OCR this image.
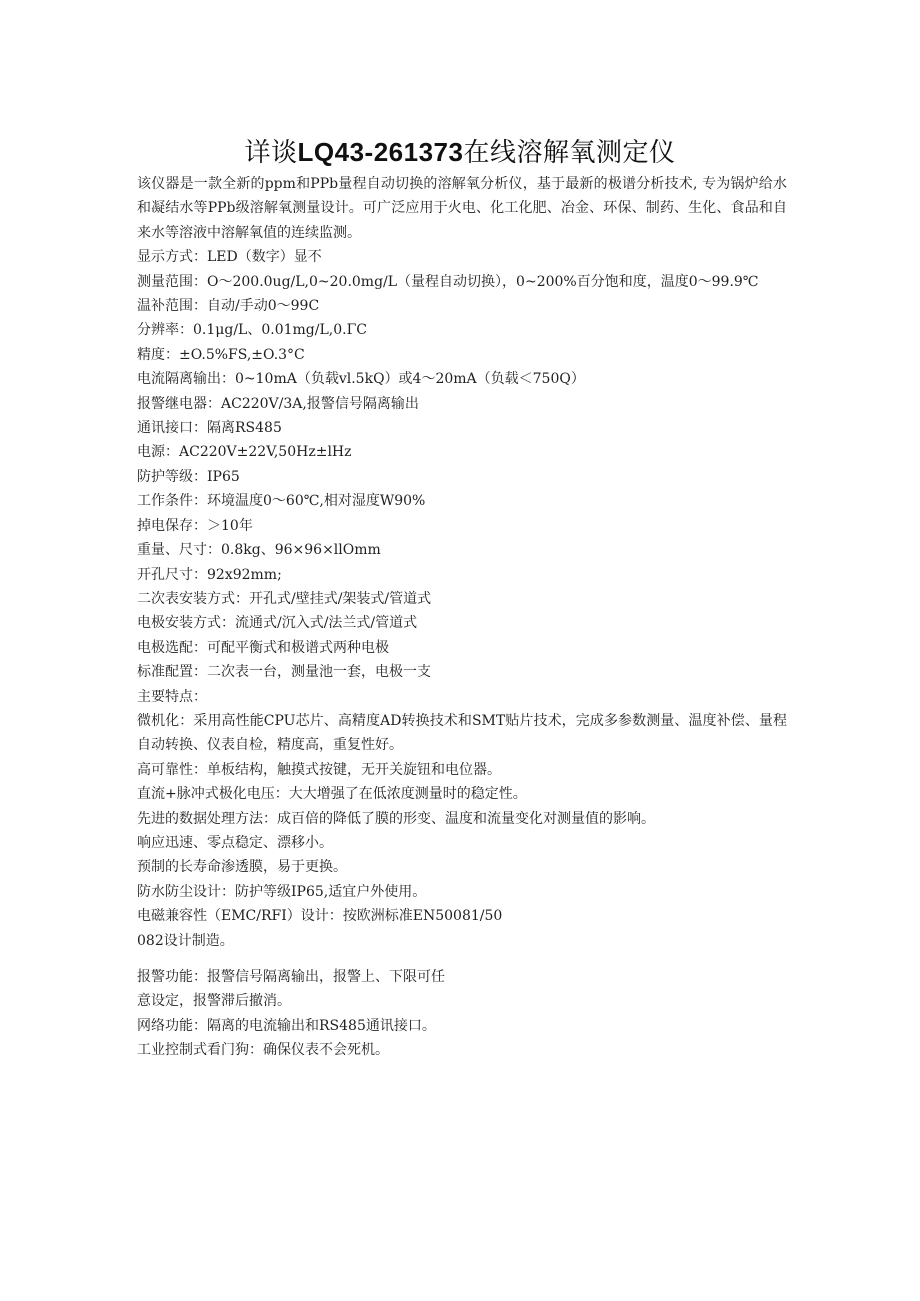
详谈LQ43-261373在线溶解氧测定仪

该仪器是一款全新的ppm和PPb量程自动切换的溶解氧分析仪，基于最新的极谱分析技术, 专为锅炉给水和凝结水等PPb级溶解氧测量设计。可广泛应用于火电、化工化肥、冶金、环保、制药、生化、食品和自来水等溶液中溶解氧值的连续监测。

显示方式：LED（数字）显不

测量范围：O～200.0ug∕L,0~20.0mg∕L（量程自动切换），0~200%百分饱和度，温度0～99.9℃

温补范围：自动/手动0～99C

分辨率：0.1μg∕L、0.01mg∕L,0.ΓC

精度：±O.5%FS,±O.3°C

电流隔离输出：0~10mA（负载vl.5kQ）或4～20mA（负载＜750Q）

报警继电器：AC220V/3A,报警信号隔离输出

通讯接口：隔离RS485

电源：AC220V±22V,50Hz±lHz

防护等级：IP65

工作条件：环境温度0～60℃,相对湿度W90%

掉电保存：＞10年

重量、尺寸：0.8kg、96×96×llOmm

开孔尺寸：92x92mm;

二次表安装方式：开孔式/壁挂式/架装式/管道式

电极安装方式：流通式/沉入式/法兰式/管道式

电极选配：可配平衡式和极谱式两种电极

标准配置：二次表一台，测量池一套，电极一支

主要特点：

微机化：采用高性能CPU芯片、高精度AD转换技术和SMT贴片技术，完成多参数测量、温度补偿、量程自动转换、仪表自检，精度高，重复性好。

高可靠性：单板结构，触摸式按键，无开关旋钮和电位器。

直流+脉冲式极化电压：大大增强了在低浓度测量时的稳定性。

先进的数据处理方法：成百倍的降低了膜的形变、温度和流量变化对测量值的影响。

响应迅速、零点稳定、漂移小。

预制的长寿命渗透膜，易于更换。

防水防尘设计：防护等级IP65,适宜户外使用。

电磁兼容性（EMC/RFI）设计：按欧洲标准EN50081/50

082设计制造。

报警功能：报警信号隔离输出，报警上、下限可任

意设定，报警滞后撤消。

网络功能：隔离的电流输出和RS485通讯接口。

工业控制式看门狗：确保仪表不会死机。
